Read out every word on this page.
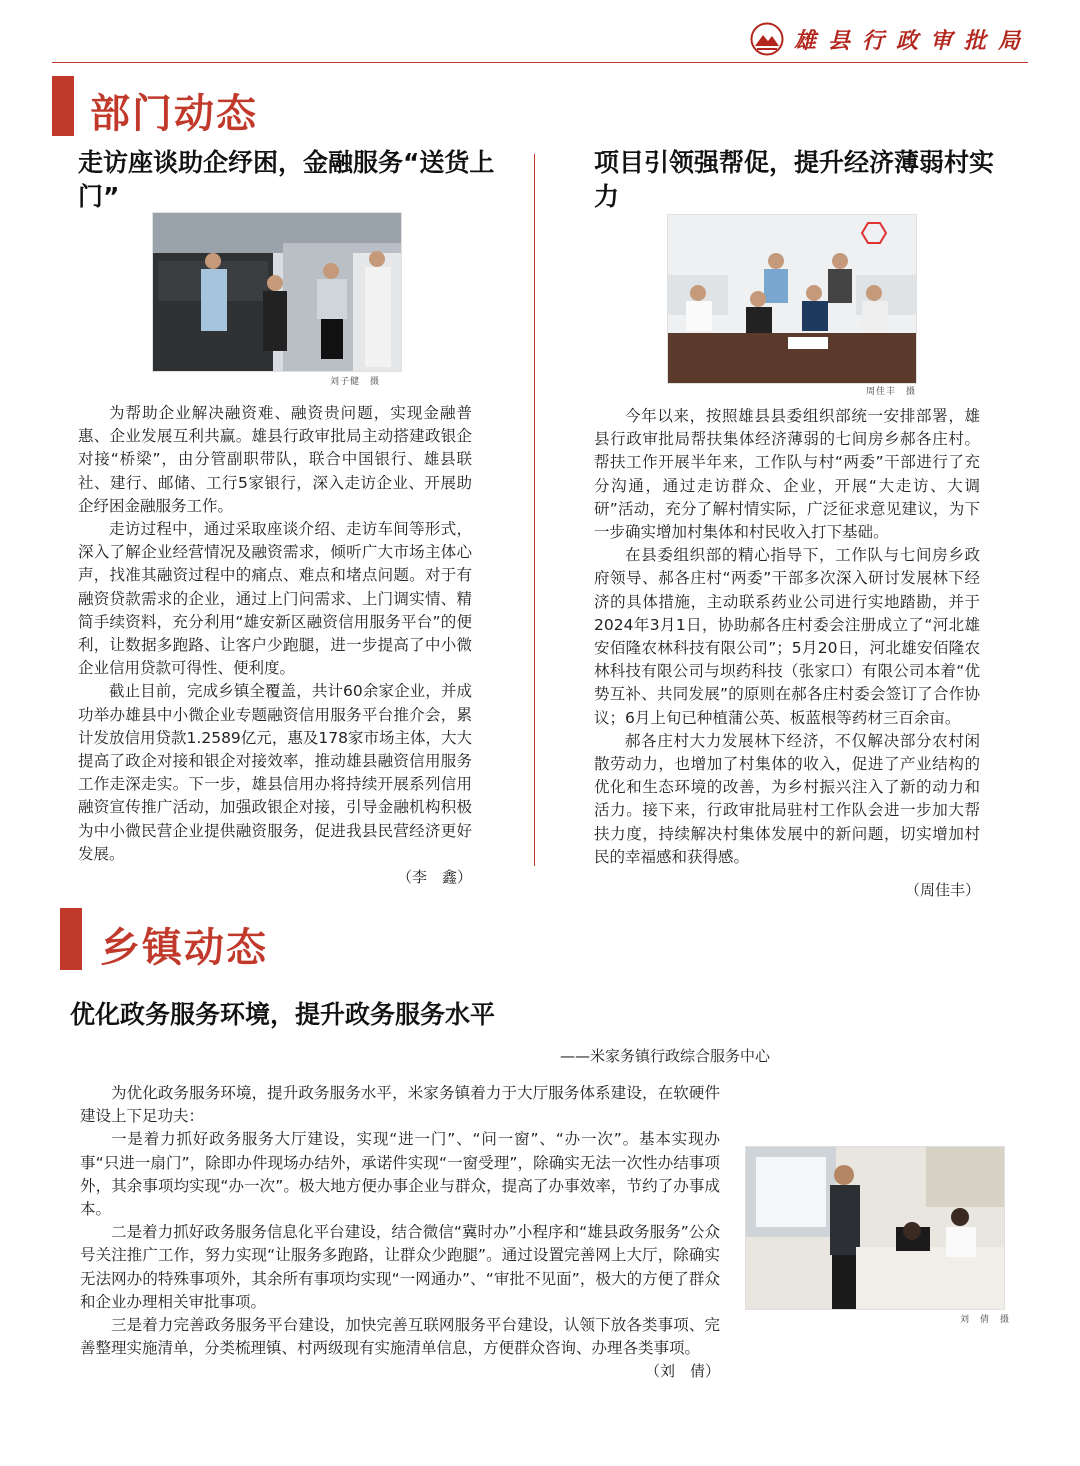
雄县行政审批局
部门动态
走访座谈助企纾困，金融服务“送货上门”
刘子健　摄

为帮助企业解决融资难、融资贵问题，实现金融普惠、企业发展互利共赢。雄县行政审批局主动搭建政银企对接“桥梁”，由分管副职带队，联合中国银行、雄县联社、建行、邮储、工行5家银行，深入走访企业、开展助企纾困金融服务工作。

走访过程中，通过采取座谈介绍、走访车间等形式，深入了解企业经营情况及融资需求，倾听广大市场主体心声，找准其融资过程中的痛点、难点和堵点问题。对于有融资贷款需求的企业，通过上门问需求、上门调实情、精简手续资料，充分利用“雄安新区融资信用服务平台”的便利，让数据多跑路、让客户少跑腿，进一步提高了中小微企业信用贷款可得性、便利度。

截止目前，完成乡镇全覆盖，共计60余家企业，并成功举办雄县中小微企业专题融资信用服务平台推介会，累计发放信用贷款1.2589亿元，惠及178家市场主体，大大提高了政企对接和银企对接效率，推动雄县融资信用服务工作走深走实。下一步，雄县信用办将持续开展系列信用融资宣传推广活动，加强政银企对接，引导金融机构积极为中小微民营企业提供融资服务，促进我县民营经济更好发展。

（李　鑫）
项目引领强帮促，提升经济薄弱村实力
周佳丰　摄

今年以来，按照雄县县委组织部统一安排部署，雄县行政审批局帮扶集体经济薄弱的七间房乡郝各庄村。帮扶工作开展半年来，工作队与村“两委”干部进行了充分沟通，通过走访群众、企业，开展“大走访、大调研”活动，充分了解村情实际，广泛征求意见建议，为下一步确实增加村集体和村民收入打下基础。

在县委组织部的精心指导下，工作队与七间房乡政府领导、郝各庄村“两委”干部多次深入研讨发展林下经济的具体措施，主动联系药业公司进行实地踏勘，并于2024年3月1日，协助郝各庄村委会注册成立了“河北雄安佰隆农林科技有限公司”；5月20日，河北雄安佰隆农林科技有限公司与坝药科技（张家口）有限公司本着“优势互补、共同发展”的原则在郝各庄村委会签订了合作协议；6月上旬已种植蒲公英、板蓝根等药材三百余亩。

郝各庄村大力发展林下经济，不仅解决部分农村闲散劳动力，也增加了村集体的收入，促进了产业结构的优化和生态环境的改善，为乡村振兴注入了新的动力和活力。接下来，行政审批局驻村工作队会进一步加大帮扶力度，持续解决村集体发展中的新问题，切实增加村民的幸福感和获得感。

（周佳丰）
乡镇动态
优化政务服务环境，提升政务服务水平
——米家务镇行政综合服务中心

为优化政务服务环境，提升政务服务水平，米家务镇着力于大厅服务体系建设，在软硬件建设上下足功夫：

一是着力抓好政务服务大厅建设，实现“进一门”、“问一窗”、“办一次”。基本实现办事“只进一扇门”，除即办件现场办结外，承诺件实现“一窗受理”，除确实无法一次性办结事项外，其余事项均实现“办一次”。极大地方便办事企业与群众，提高了办事效率，节约了办事成本。

二是着力抓好政务服务信息化平台建设，结合微信“冀时办”小程序和“雄县政务服务”公众号关注推广工作，努力实现“让服务多跑路，让群众少跑腿”。通过设置完善网上大厅，除确实无法网办的特殊事项外，其余所有事项均实现“一网通办”、“审批不见面”，极大的方便了群众和企业办理相关审批事项。

三是着力完善政务服务平台建设，加快完善互联网服务平台建设，认领下放各类事项、完善整理实施清单，分类梳理镇、村两级现有实施清单信息，方便群众咨询、办理各类事项。

（刘　倩）
刘　倩　摄
